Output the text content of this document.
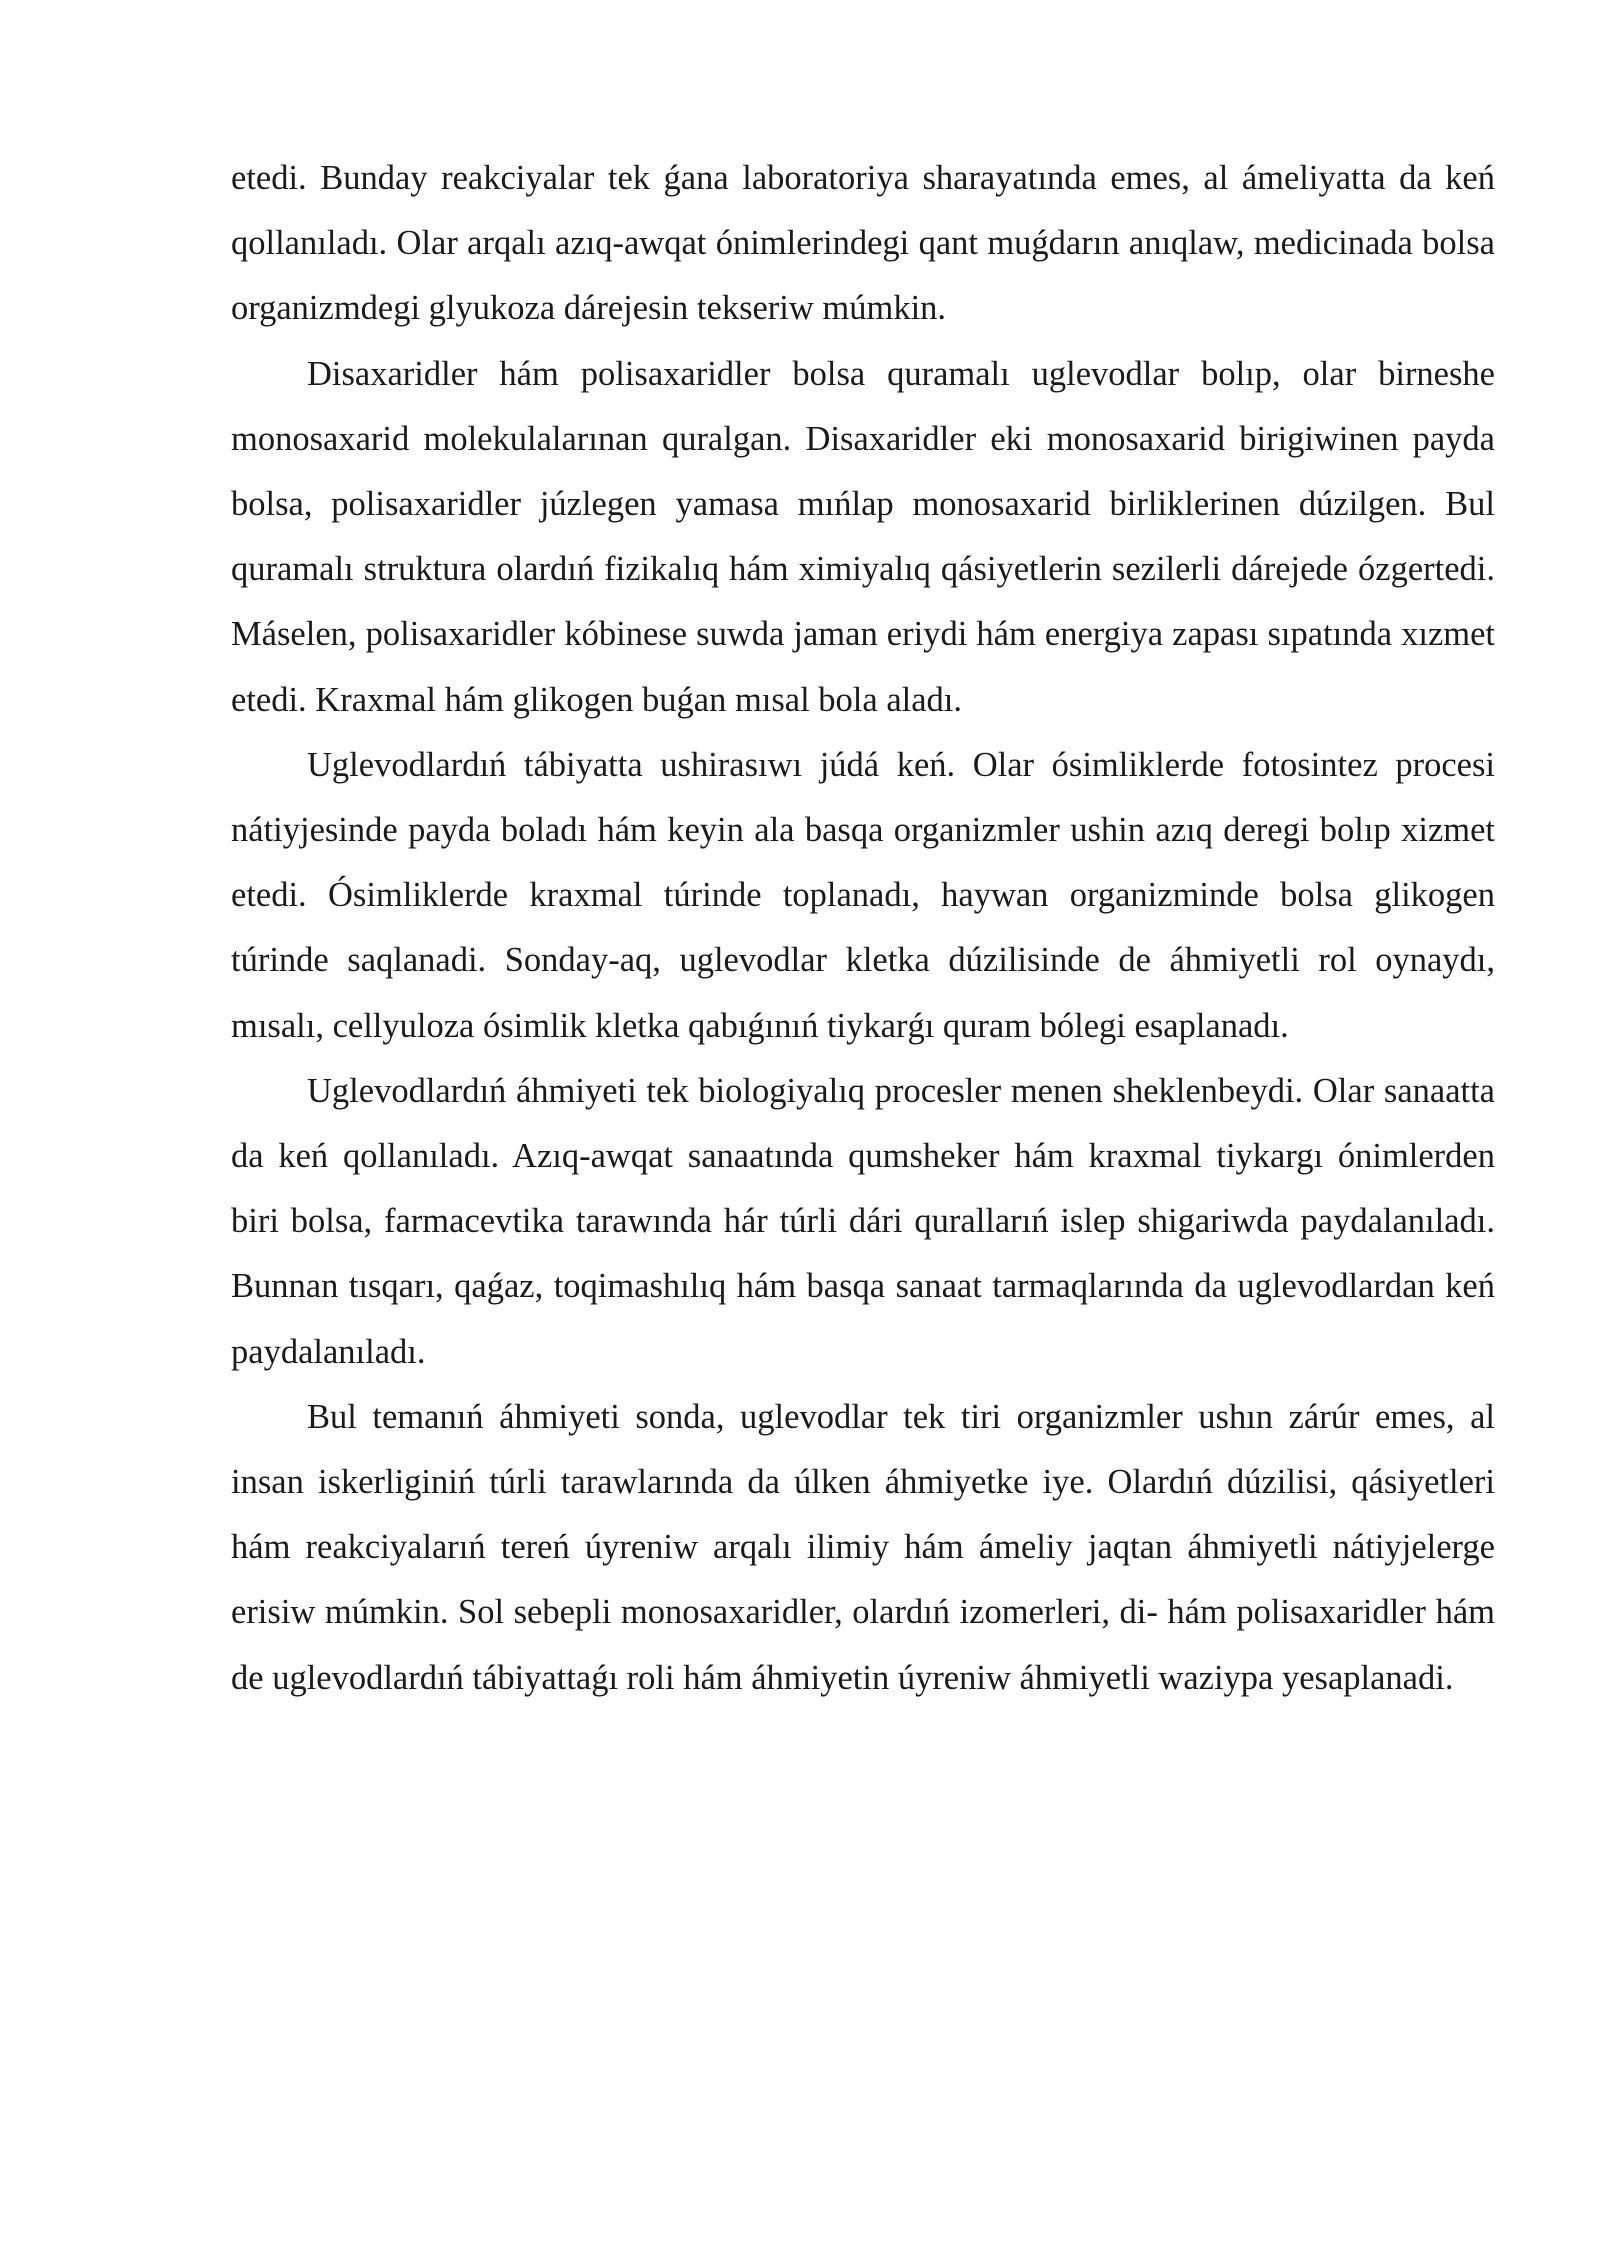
etedi. Bunday reakciyalar tek ǵana laboratoriya sharayatında emes, al ámeliyatta da keń qollanıladı. Olar arqalı azıq-awqat ónimlerindegi qant muǵdarın anıqlaw, medicinada bolsa organizmdegi glyukoza dárejesin tekseriw múmkin.

Disaxaridler hám polisaxaridler bolsa quramalı uglevodlar bolıp, olar birneshe monosaxarid molekulalarınan quralgan. Disaxaridler eki monosaxarid birigiwinen payda bolsa, polisaxaridler júzlegen yamasa mıńlap monosaxarid birliklerinen dúzilgen. Bul quramalı struktura olardıń fizikalıq hám ximiyalıq qásiyetlerin sezilerli dárejede ózgertedi. Máselen, polisaxaridler kóbinese suwda jaman eriydi hám energiya zapası sıpatında xızmet etedi. Kraxmal hám glikogen buǵan mısal bola aladı.

Uglevodlardıń tábiyatta ushirasıwı júdá keń. Olar ósimliklerde fotosintez procesi nátiyjesinde payda boladı hám keyin ala basqa organizmler ushin azıq deregi bolıp xizmet etedi. Ósimliklerde kraxmal túrinde toplanadı, haywan organizminde bolsa glikogen túrinde saqlanadi. Sonday-aq, uglevodlar kletka dúzilisinde de áhmiyetli rol oynaydı, mısalı, cellyuloza ósimlik kletka qabıǵınıń tiykarǵı quram bólegi esaplanadı.

Uglevodlardıń áhmiyeti tek biologiyalıq procesler menen sheklenbeydi. Olar sanaatta da keń qollanıladı. Azıq-awqat sanaatında qumsheker hám kraxmal tiykargı ónimlerden biri bolsa, farmacevtika tarawında hár túrli dári qurallarıń islep shigariwda paydalanıladı. Bunnan tısqarı, qaǵaz, toqimashılıq hám basqa sanaat tarmaqlarında da uglevodlardan keń paydalanıladı.

Bul temanıń áhmiyeti sonda, uglevodlar tek tiri organizmler ushın zárúr emes, al insan iskerliginiń túrli tarawlarında da úlken áhmiyetke iye. Olardıń dúzilisi, qásiyetleri hám reakciyalarıń tereń úyreniw arqalı ilimiy hám ámeliy jaqtan áhmiyetli nátiyjelerge erisiw múmkin. Sol sebepli monosaxaridler, olardıń izomerleri, di- hám polisaxaridler hám de uglevodlardıń tábiyattaǵı roli hám áhmiyetin úyreniw áhmiyetli waziypa yesaplanadi.
